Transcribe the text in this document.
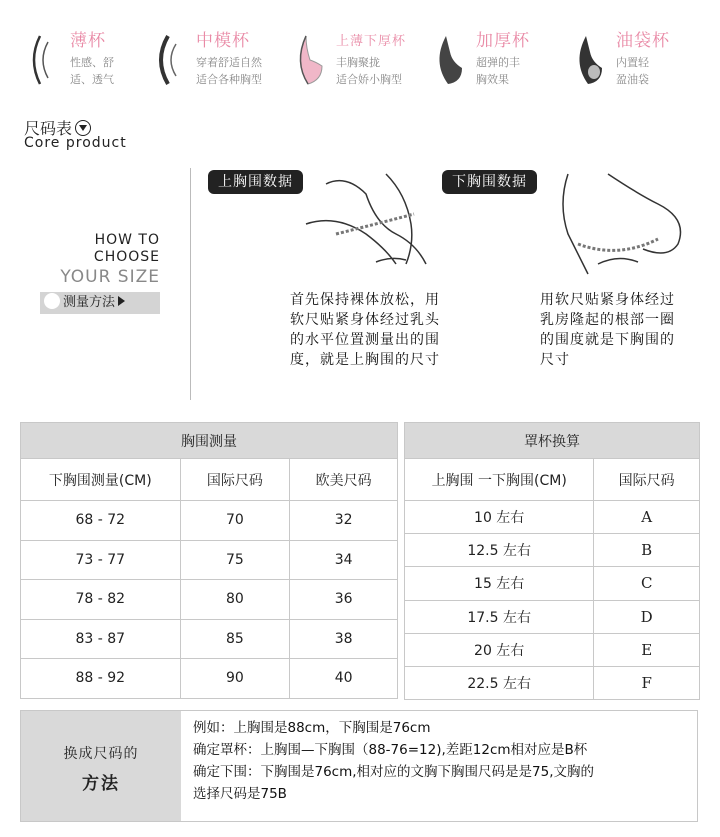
薄杯
性感、舒
适、透气
中模杯
穿着舒适自然
适合各种胸型
上薄下厚杯
丰胸聚拢
适合娇小胸型
加厚杯
超弹的丰
胸效果
油袋杯
内置轻
盈油袋
尺码表
Core product
HOW TO
CHOOSE
YOUR SIZE
测量方法
上胸围数据
首先保持裸体放松，用
软尺贴紧身体经过乳头
的水平位置测量出的围
度，就是上胸围的尺寸
下胸围数据
用软尺贴紧身体经过
乳房隆起的根部一圈
的围度就是下胸围的
尺寸
胸围测量		
下胸围测量(CM)	国际尺码	欧美尺码
68 - 72	70	32
73 - 77	75	34
78 - 82	80	36
83 - 87	85	38
88 - 92	90	40
罩杯换算	
上胸围 一下胸围(CM)	国际尺码
10 左右	A
12.5 左右	B
15 左右	C
17.5 左右	D
20 左右	E
22.5 左右	F
换成尺码的
方法
例如：上胸围是88cm，下胸围是76cm
确定罩杯：上胸围—下胸围（88-76=12),差距12cm相对应是B杯
确定下围：下胸围是76cm,相对应的文胸下胸围尺码是是75,文胸的
选择尺码是75B
